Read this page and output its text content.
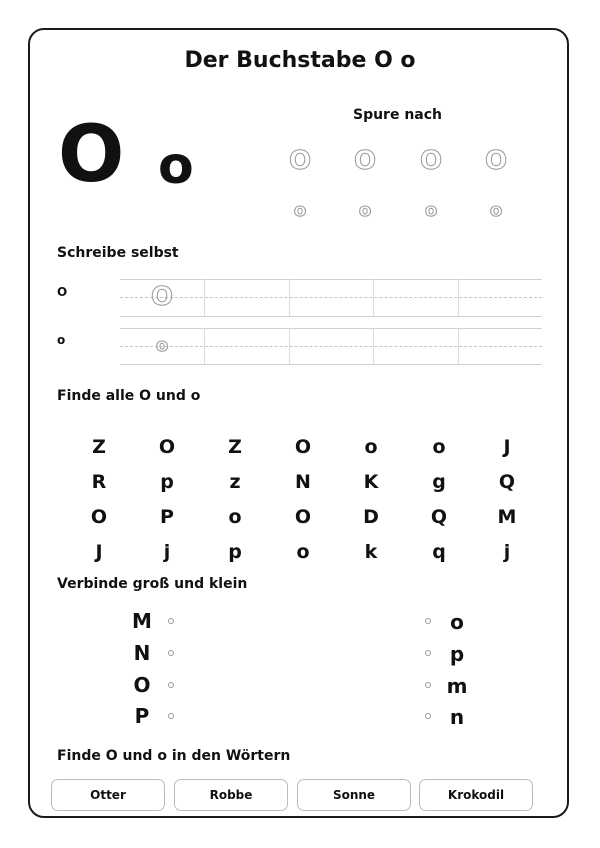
Der Buchstabe O o
O o
Spure nach
O O O O
o	o	o	o
Schreibe selbst
O
o
O
o
Finde alle O und o
Z	O	Z	O	o	o	J
R	p	z	N	K	g	Q
O	P	o	O	D	Q	M
J	j	p	o	k	q	j
Verbinde groß und klein
M
N
O
P
o
p
m
n
Finde O und o in den Wörtern
Otter	Robbe	Sonne	Krokodil
